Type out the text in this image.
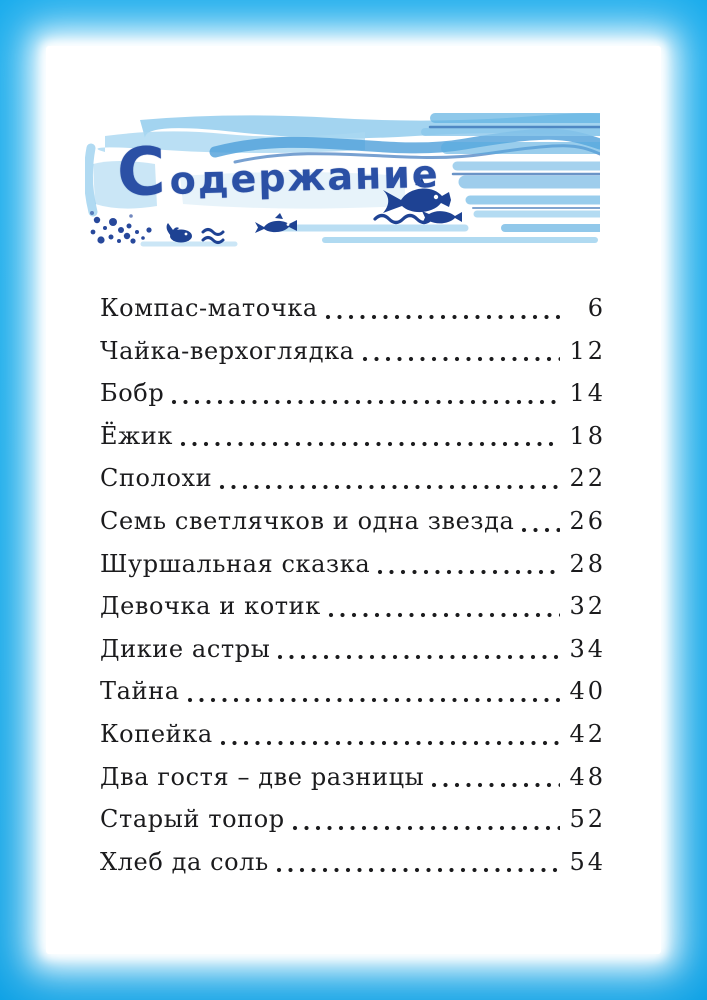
Содержание
Компас-маточка	6
Чайка-верхоглядка	12
Бобр	14
Ёжик	18
Сполохи	22
Семь светлячков и одна звезда	26
Шуршальная сказка	28
Девочка и котик	32
Дикие астры	34
Тайна	40
Копейка	42
Два гостя – две разницы	48
Старый топор	52
Хлеб да соль	54
